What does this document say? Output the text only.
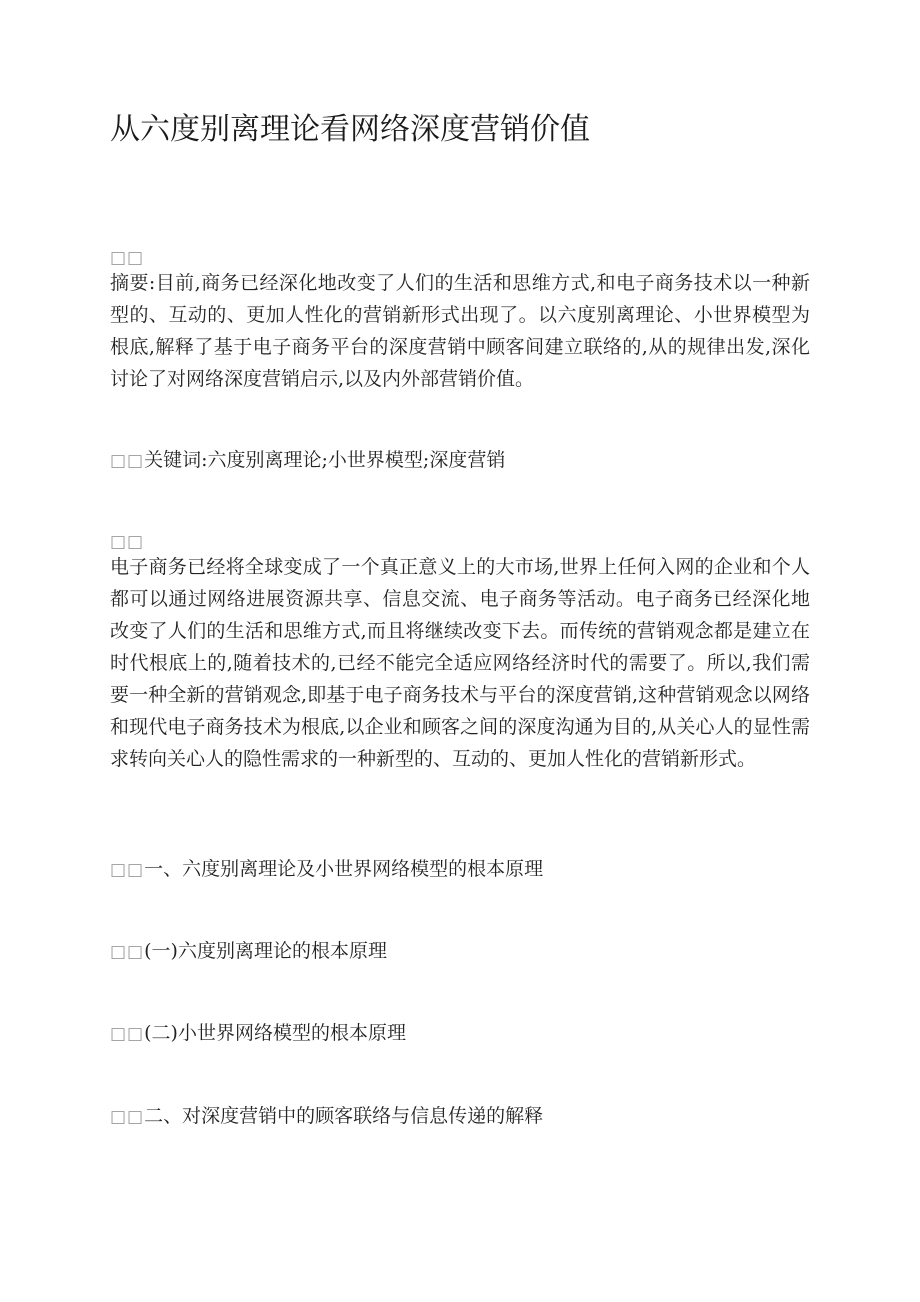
从六度别离理论看网络深度营销价值
□□

摘要:目前,商务已经深化地改变了人们的生活和思维方式,和电子商务技术以一种新型的、互动的、更加人性化的营销新形式出现了。以六度别离理论、小世界模型为根底,解释了基于电子商务平台的深度营销中顾客间建立联络的,从的规律出发,深化讨论了对网络深度营销启示,以及内外部营销价值。

□□关键词:六度别离理论;小世界模型;深度营销

□□

电子商务已经将全球变成了一个真正意义上的大市场,世界上任何入网的企业和个人都可以通过网络进展资源共享、信息交流、电子商务等活动。电子商务已经深化地改变了人们的生活和思维方式,而且将继续改变下去。而传统的营销观念都是建立在时代根底上的,随着技术的,已经不能完全适应网络经济时代的需要了。所以,我们需要一种全新的营销观念,即基于电子商务技术与平台的深度营销,这种营销观念以网络和现代电子商务技术为根底,以企业和顾客之间的深度沟通为目的,从关心人的显性需求转向关心人的隐性需求的一种新型的、互动的、更加人性化的营销新形式。

□□一、六度别离理论及小世界网络模型的根本原理

□□(一)六度别离理论的根本原理

□□(二)小世界网络模型的根本原理

□□二、对深度营销中的顾客联络与信息传递的解释
